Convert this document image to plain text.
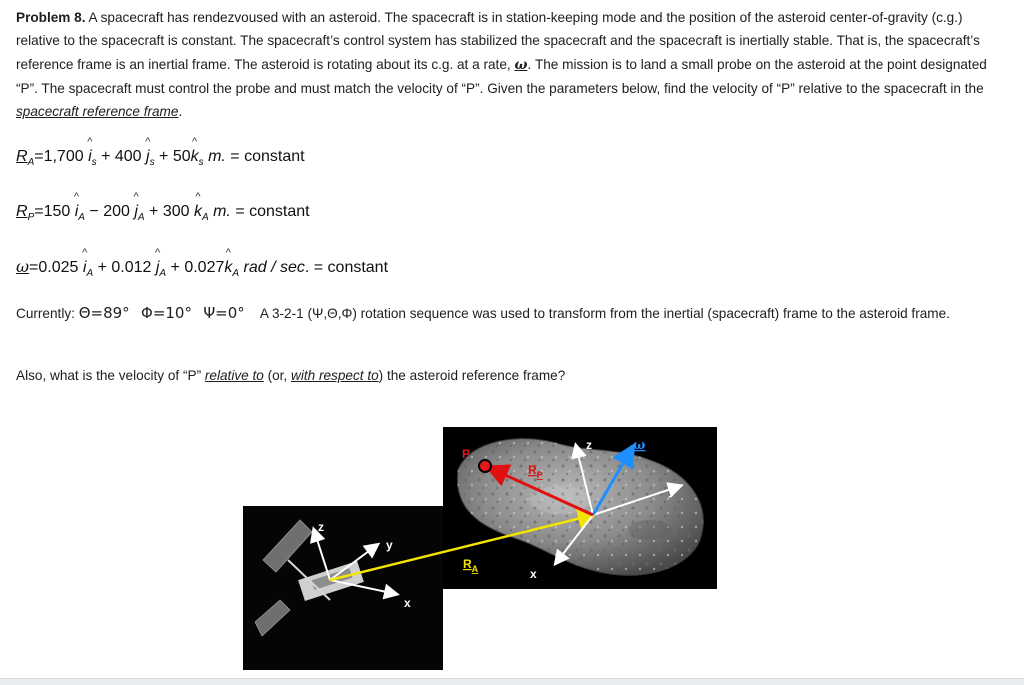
Problem 8. A spacecraft has rendezvoused with an asteroid. The spacecraft is in station-keeping mode and the position of the asteroid center-of-gravity (c.g.) relative to the spacecraft is constant. The spacecraft’s control system has stabilized the spacecraft and the spacecraft is inertially stable. That is, the spacecraft’s reference frame is an inertial frame. The asteroid is rotating about its c.g. at a rate, ω. The mission is to land a small probe on the asteroid at the point designated “P”. The spacecraft must control the probe and must match the velocity of “P”. Given the parameters below, find the velocity of “P” relative to the spacecraft in the spacecraft reference frame.
$R_A=1,700$ ^ $i_s + 400$ ^ $j_s$ + 50^ $k_s$ m. = constant
$R_P=150$ ^ $i_A - 200$ ^ $j_A + 300$ ^ $k_A$ m. = constant
ω=0.025 ^ $i_A + 0.012$ ^ $j_A$ + 0.027^ $k_A$ rad / sec. = constant
Currently: Θ=89° Φ=10° Ψ=0° A 3-2-1 (Ψ,Θ,Φ) rotation sequence was used to transform from the inertial (spacecraft) frame to the asteroid frame.
Also, what is the velocity of “P” relative to (or, with respect to) the asteroid reference frame?
z
y
x
$R_A$
z
y
x
ω
$R_P$
P
